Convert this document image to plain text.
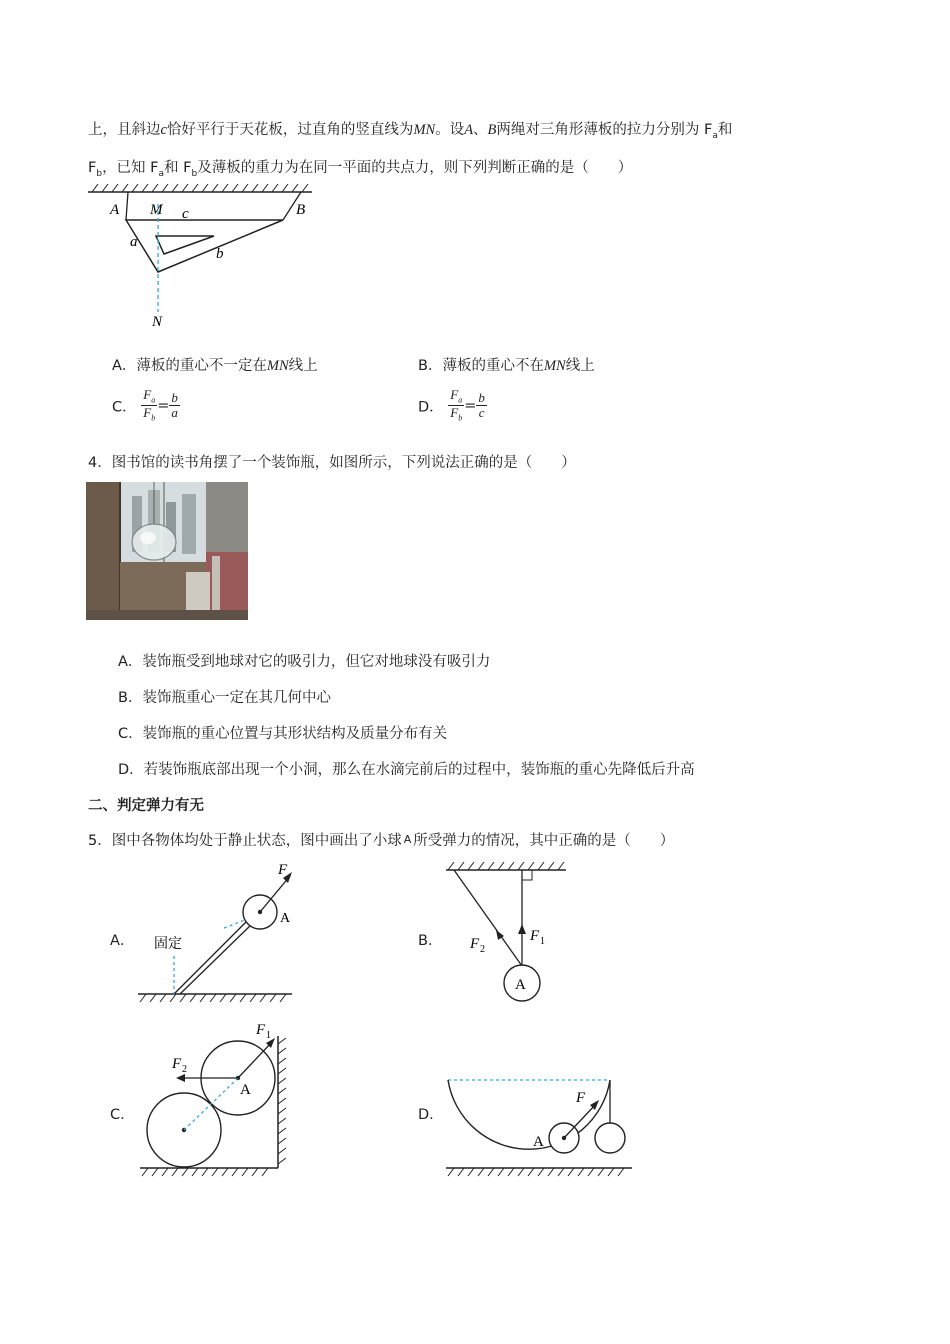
上，且斜边c恰好平行于天花板，过直角的竖直线为MN。设A、B两绳对三角形薄板的拉力分别为 $F_a$和
$F_b$，已知 $F_a$和 $F_b$及薄板的重力为在同一平面的共点力，则下列判断正确的是（　　）
A M	B
c
a
b
N
A．薄板的重心不一定在MN线上	B．薄板的重心不在MN线上
C． $\frac{F_a}{F_b} = \frac{b}{a}$	D． $\frac{F_a}{F_b} = \frac{b}{c}$
4．图书馆的读书角摆了一个装饰瓶，如图所示，下列说法正确的是（　　）
A．装饰瓶受到地球对它的吸引力，但它对地球没有吸引力
B．装饰瓶重心一定在其几何中心
C．装饰瓶的重心位置与其形状结构及质量分布有关
D．若装饰瓶底部出现一个小洞，那么在水滴完前后的过程中，装饰瓶的重心先降低后升高
二、判定弹力有无
5．图中各物体均处于静止状态，图中画出了小球 A 所受弹力的情况，其中正确的是（　　）
A．	B．
C．	D．
F
A
固定	F 1
F 2
A
F 1
F 2
A	F
A
